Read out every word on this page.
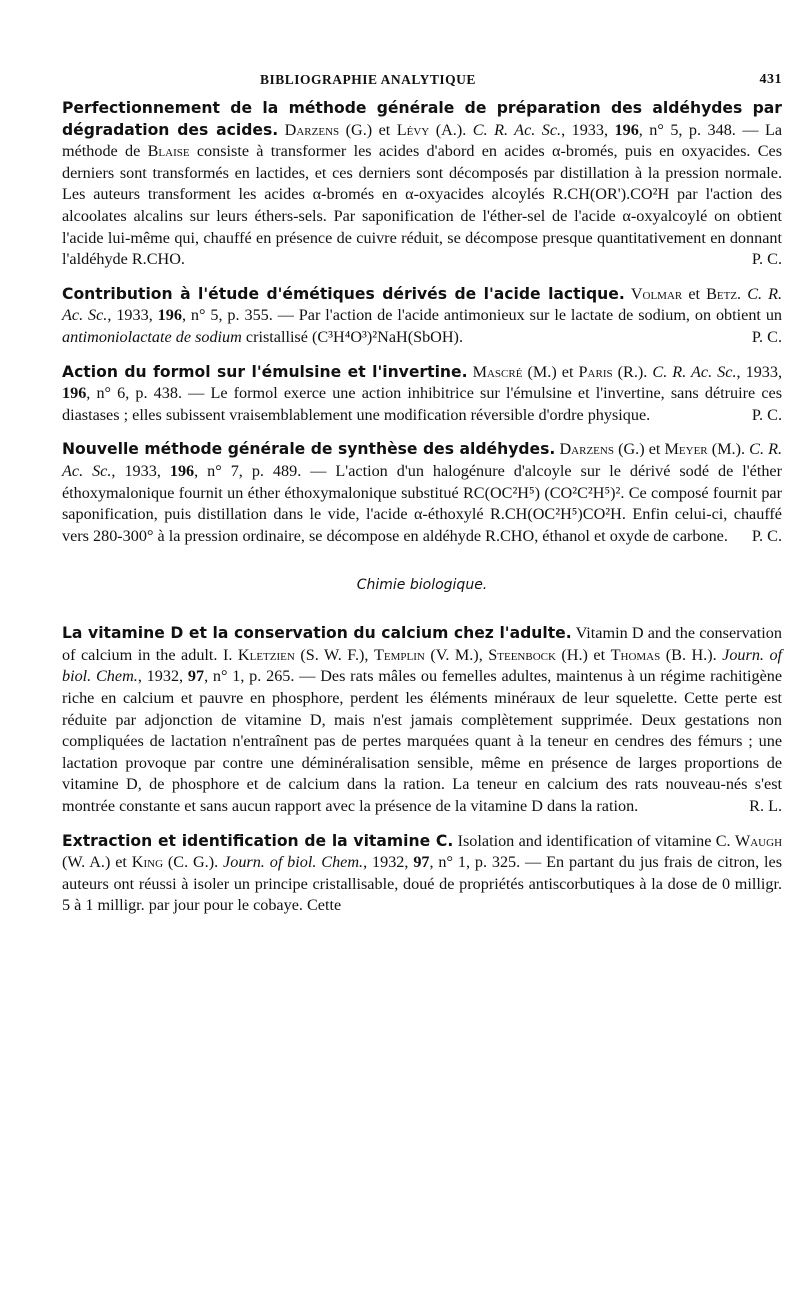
BIBLIOGRAPHIE ANALYTIQUE	431

Perfectionnement de la méthode générale de préparation des aldéhydes par dégradation des acides. Darzens (G.) et Lévy (A.). C. R. Ac. Sc., 1933, 196, n° 5, p. 348. — La méthode de Blaise consiste à transformer les acides d'abord en acides α-bromés, puis en oxyacides. Ces derniers sont transformés en lactides, et ces derniers sont décomposés par distillation à la pression normale. Les auteurs transforment les acides α-bromés en α-oxyacides alcoylés R.CH(OR').CO²H par l'action des alcoolates alcalins sur leurs éthers-sels. Par saponification de l'éther-sel de l'acide α-oxyalcoylé on obtient l'acide lui-même qui, chauffé en présence de cuivre réduit, se décompose presque quantitativement en donnant l'aldéhyde R.CHO.	P. C.

Contribution à l'étude d'émétiques dérivés de l'acide lactique. Volmar et Betz. C. R. Ac. Sc., 1933, 196, n° 5, p. 355. — Par l'action de l'acide antimonieux sur le lactate de sodium, on obtient un antimoniolactate de sodium cristallisé (C³H⁴O³)²NaH(SbOH).	P. C.

Action du formol sur l'émulsine et l'invertine. Mascré (M.) et Paris (R.). C. R. Ac. Sc., 1933, 196, n° 6, p. 438. — Le formol exerce une action inhibitrice sur l'émulsine et l'invertine, sans détruire ces diastases ; elles subissent vraisemblablement une modification réversible d'ordre physique.	P. C.

Nouvelle méthode générale de synthèse des aldéhydes. Darzens (G.) et Meyer (M.). C. R. Ac. Sc., 1933, 196, n° 7, p. 489. — L'action d'un halogénure d'alcoyle sur le dérivé sodé de l'éther éthoxymalonique fournit un éther éthoxymalonique substitué RC(OC²H⁵) (CO²C²H⁵)². Ce composé fournit par saponification, puis distillation dans le vide, l'acide α-éthoxylé R.CH(OC²H⁵)CO²H. Enfin celui-ci, chauffé vers 280-300° à la pression ordinaire, se décompose en aldéhyde R.CHO, éthanol et oxyde de carbone. P. C.

Chimie biologique.

La vitamine D et la conservation du calcium chez l'adulte. Vitamin D and the conservation of calcium in the adult. I. Kletzien (S. W. F.), Templin (V. M.), Steenbock (H.) et Thomas (B. H.). Journ. of biol. Chem., 1932, 97, n° 1, p. 265. — Des rats mâles ou femelles adultes, maintenus à un régime rachitigène riche en calcium et pauvre en phosphore, perdent les éléments minéraux de leur squelette. Cette perte est réduite par adjonction de vitamine D, mais n'est jamais complètement supprimée. Deux gestations non compliquées de lactation n'entraînent pas de pertes marquées quant à la teneur en cendres des fémurs ; une lactation provoque par contre une déminéralisation sensible, même en présence de larges proportions de vitamine D, de phosphore et de calcium dans la ration. La teneur en calcium des rats nouveau-nés s'est montrée constante et sans aucun rapport avec la présence de la vitamine D dans la ration.	R. L.

Extraction et identification de la vitamine C. Isolation and identification of vitamine C. Waugh (W. A.) et King (C. G.). Journ. of biol. Chem., 1932, 97, n° 1, p. 325. — En partant du jus frais de citron, les auteurs ont réussi à isoler un principe cristallisable, doué de propriétés antiscorbutiques à la dose de 0 milligr. 5 à 1 milligr. par jour pour le cobaye. Cette
